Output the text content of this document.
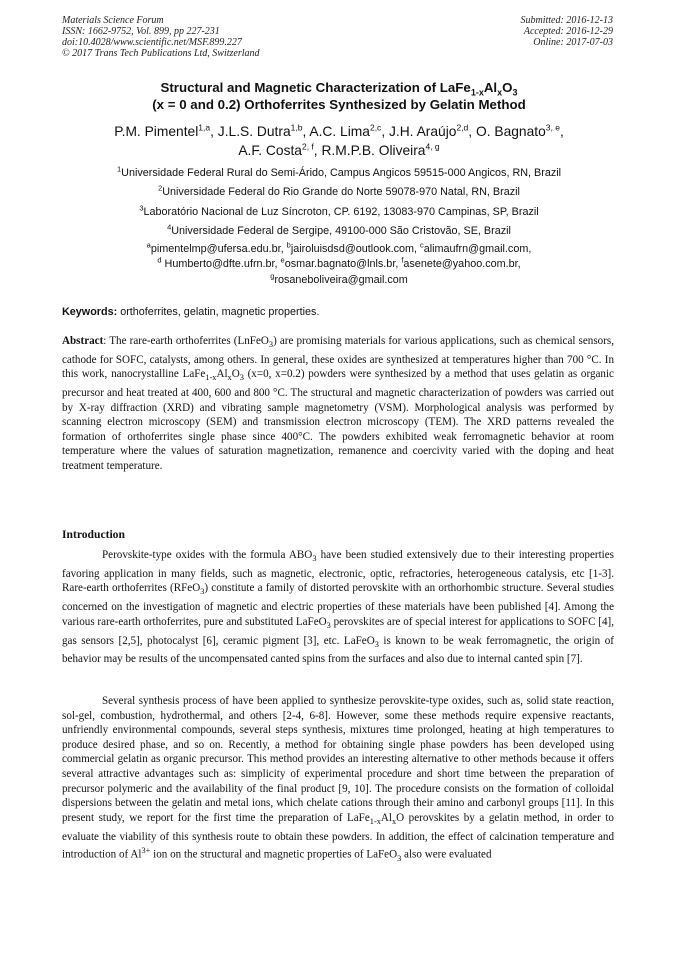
Materials Science Forum
ISSN: 1662-9752, Vol. 899, pp 227-231
doi:10.4028/www.scientific.net/MSF.899.227
© 2017 Trans Tech Publications Ltd, Switzerland
Submitted: 2016-12-13
Accepted: 2016-12-29
Online: 2017-07-03
Structural and Magnetic Characterization of $LaFe_{1-x}Al_xO_3$
(x = 0 and 0.2) Orthoferrites Synthesized by Gelatin Method
P.M. Pimentel$^{1,a}$, J.L.S. Dutra$^{1,b}$, A.C. Lima$^{2,c}$, J.H. Araújo$^{2,d}$, O. Bagnato$^{3, e}$,
A.F. Costa$^{2, f}$, R.M.P.B. Oliveira$^{4, g}$
$^1$Universidade Federal Rural do Semi-Árido, Campus Angicos 59515-000 Angicos, RN, Brazil
$^2$Universidade Federal do Rio Grande do Norte 59078-970 Natal, RN, Brazil
$^3$Laboratório Nacional de Luz Síncroton, CP. 6192, 13083-970 Campinas, SP, Brazil
$^4$Universidade Federal de Sergipe, 49100-000 São Cristovão, SE, Brazil
$^a$pimentelmp@ufersa.edu.br, $^b$jairoluisdsd@outlook.com, $^c$alimaufrn@gmail.com,
$^d$ Humberto@dfte.ufrn.br, $^e$osmar.bagnato@lnls.br, $^f$asenete@yahoo.com.br,
$^g$rosaneboliveira@gmail.com
Keywords: orthoferrites, gelatin, magnetic properties.
Abstract: The rare-earth orthoferrites (LnFeO$_3$) are promising materials for various applications, such as chemical sensors, cathode for SOFC, catalysts, among others. In general, these oxides are synthesized at temperatures higher than 700 °C. In this work, nanocrystalline $LaFe_{1-x}Al_xO_3$ (x=0, x=0.2) powders were synthesized by a method that uses gelatin as organic precursor and heat treated at 400, 600 and 800 °C. The structural and magnetic characterization of powders was carried out by X-ray diffraction (XRD) and vibrating sample magnetometry (VSM). Morphological analysis was performed by scanning electron microscopy (SEM) and transmission electron microscopy (TEM). The XRD patterns revealed the formation of orthoferrites single phase since 400°C. The powders exhibited weak ferromagnetic behavior at room temperature where the values of saturation magnetization, remanence and coercivity varied with the doping and heat treatment temperature.
Introduction
Perovskite-type oxides with the formula $ABO_3$ have been studied extensively due to their interesting properties favoring application in many fields, such as magnetic, electronic, optic, refractories, heterogeneous catalysis, etc [1-3]. Rare-earth orthoferrites (RFeO$_3$) constitute a family of distorted perovskite with an orthorhombic structure. Several studies concerned on the investigation of magnetic and electric properties of these materials have been published [4]. Among the various rare-earth orthoferrites, pure and substituted LaFeO$_3$ perovskites are of special interest for applications to SOFC [4], gas sensors [2,5], photocalyst [6], ceramic pigment [3], etc. LaFeO$_3$ is known to be weak ferromagnetic, the origin of behavior may be results of the uncompensated canted spins from the surfaces and also due to internal canted spin [7].
Several synthesis process of have been applied to synthesize perovskite-type oxides, such as, solid state reaction, sol-gel, combustion, hydrothermal, and others [2-4, 6-8]. However, some these methods require expensive reactants, unfriendly environmental compounds, several steps synthesis, mixtures time prolonged, heating at high temperatures to produce desired phase, and so on. Recently, a method for obtaining single phase powders has been developed using commercial gelatin as organic precursor. This method provides an interesting alternative to other methods because it offers several attractive advantages such as: simplicity of experimental procedure and short time between the preparation of precursor polymeric and the availability of the final product [9, 10]. The procedure consists on the formation of colloidal dispersions between the gelatin and metal ions, which chelate cations through their amino and carbonyl groups [11]. In this present study, we report for the first time the preparation of $LaFe_{1-x}Al_xO$ perovskites by a gelatin method, in order to evaluate the viability of this synthesis route to obtain these powders. In addition, the effect of calcination temperature and introduction of $Al^{3+}$ ion on the structural and magnetic properties of LaFeO$_3$ also were evaluated
